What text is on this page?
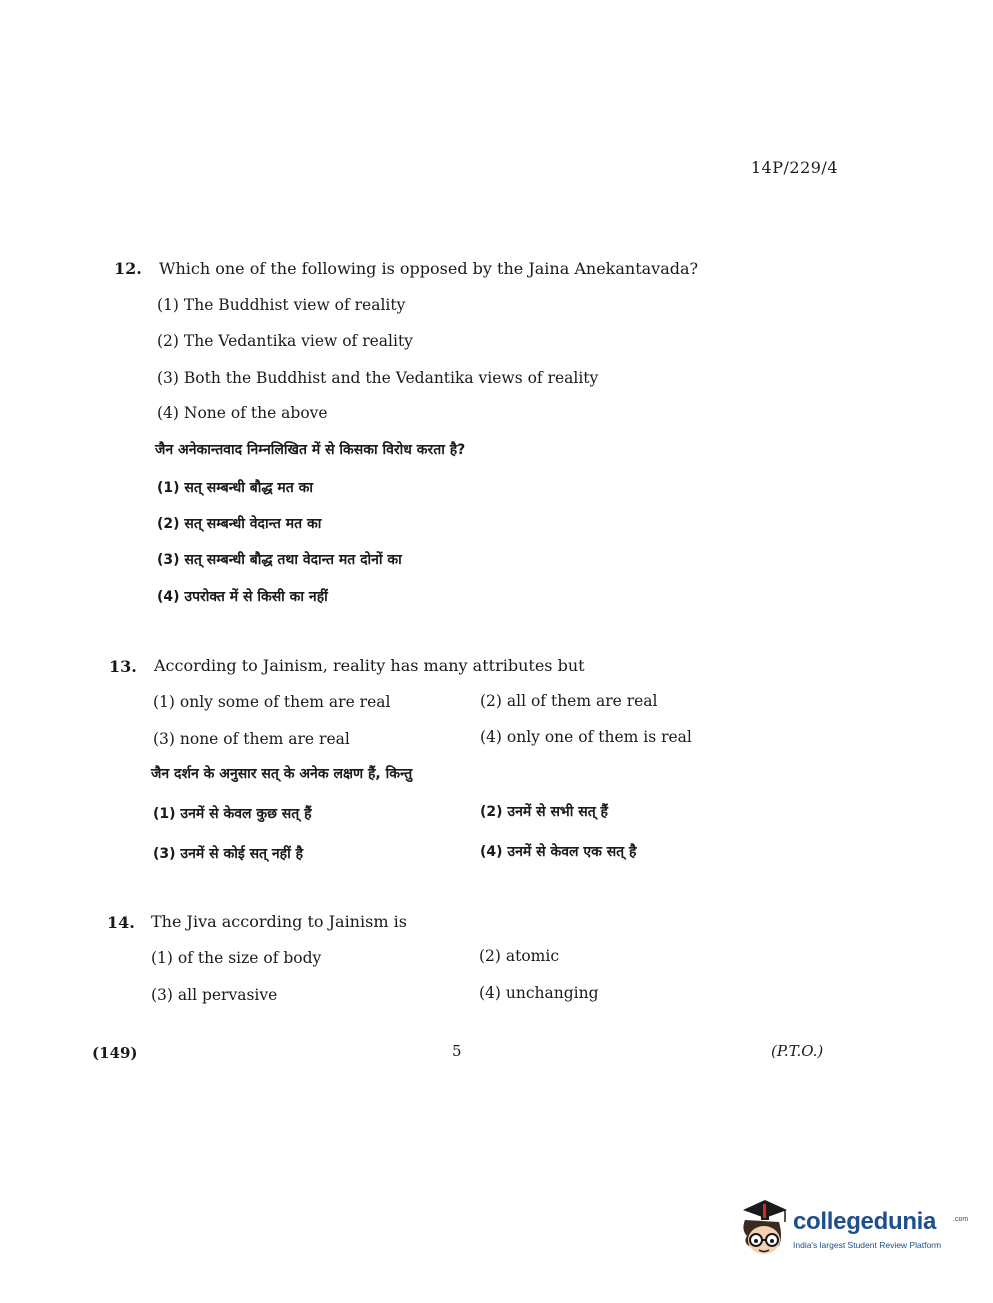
14P/229/4
12. Which one of the following is opposed by the Jaina Anekantavada?
(1) The Buddhist view of reality
(2) The Vedantika view of reality
(3) Both the Buddhist and the Vedantika views of reality
(4) None of the above
जैन अनेकान्तवाद निम्नलिखित में से किसका विरोध करता है?
(1) सत् सम्बन्धी बौद्ध मत का
(2) सत् सम्बन्धी वेदान्त मत का
(3) सत् सम्बन्धी बौद्ध तथा वेदान्त मत दोनों का
(4) उपरोक्त में से किसी का नहीं
13. According to Jainism, reality has many attributes but
(1) only some of them are real	(2) all of them are real
(3) none of them are real	(4) only one of them is real
जैन दर्शन के अनुसार सत् के अनेक लक्षण हैं, किन्तु
(1) उनमें से केवल कुछ सत् हैं	(2) उनमें से सभी सत् हैं
(3) उनमें से कोई सत् नहीं है	(4) उनमें से केवल एक सत् है
14. The Jiva according to Jainism is
(1) of the size of body	(2) atomic
(3) all pervasive	(4) unchanging
(149)	5	(P.T.O.)
collegedunia .com
India's largest Student Review Platform
